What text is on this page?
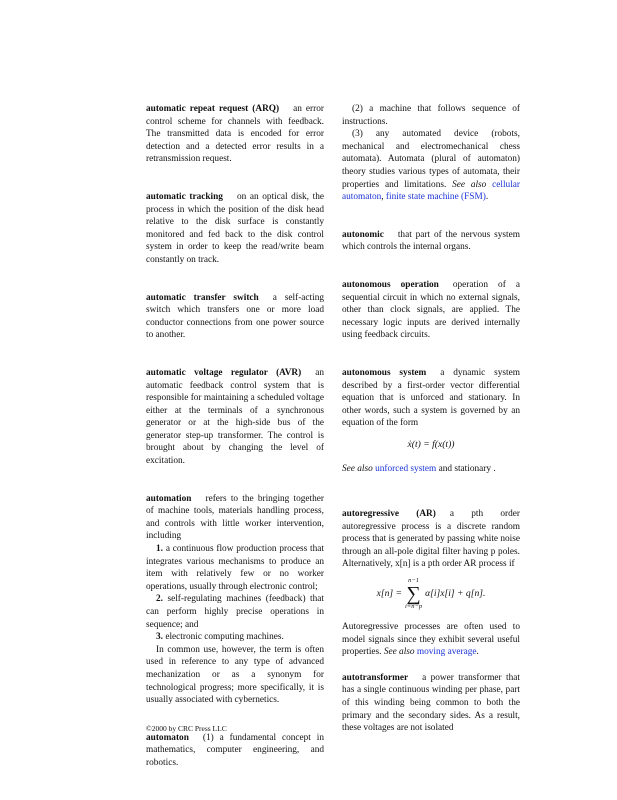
automatic repeat request (ARQ) an error control scheme for channels with feedback. The transmitted data is encoded for error detection and a detected error results in a retransmission request.

automatic tracking on an optical disk, the process in which the position of the disk head relative to the disk surface is constantly monitored and fed back to the disk control system in order to keep the read/write beam constantly on track.

automatic transfer switch a self-acting switch which transfers one or more load conductor connections from one power source to another.

automatic voltage regulator (AVR) an automatic feedback control system that is responsible for maintaining a scheduled voltage either at the terminals of a synchronous generator or at the high-side bus of the generator step-up transformer. The control is brought about by changing the level of excitation.

automation refers to the bringing together of machine tools, materials handling process, and controls with little worker intervention, including

1. a continuous flow production process that integrates various mechanisms to produce an item with relatively few or no worker operations, usually through electronic control;

2. self-regulating machines (feedback) that can perform highly precise operations in sequence; and

3. electronic computing machines.

In common use, however, the term is often used in reference to any type of advanced mechanization or as a synonym for technological progress; more specifically, it is usually associated with cybernetics.

automaton (1) a fundamental concept in mathematics, computer engineering, and robotics.

(2) a machine that follows sequence of instructions.

(3) any automated device (robots, mechanical and electromechanical chess automata). Automata (plural of automaton) theory studies various types of automata, their properties and limitations. See also cellular automaton, finite state machine (FSM).

autonomic that part of the nervous system which controls the internal organs.

autonomous operation operation of a sequential circuit in which no external signals, other than clock signals, are applied. The necessary logic inputs are derived internally using feedback circuits.

autonomous system a dynamic system described by a first-order vector differential equation that is unforced and stationary. In other words, such a system is governed by an equation of the form

ẋ(t) = f(x(t))

See also unforced system and stationary .

autoregressive (AR) a pth order autoregressive process is a discrete random process that is generated by passing white noise through an all-pole digital filter having p poles. Alternatively, x[n] is a pth order AR process if

x[n] =
n−1
∑
i=n−p
α[i]x[i] + q[n].

Autoregressive processes are often used to model signals since they exhibit several useful properties. See also moving average.

autotransformer a power transformer that has a single continuous winding per phase, part of this winding being common to both the primary and the secondary sides. As a result, these voltages are not isolated

©2000 by CRC Press LLC
